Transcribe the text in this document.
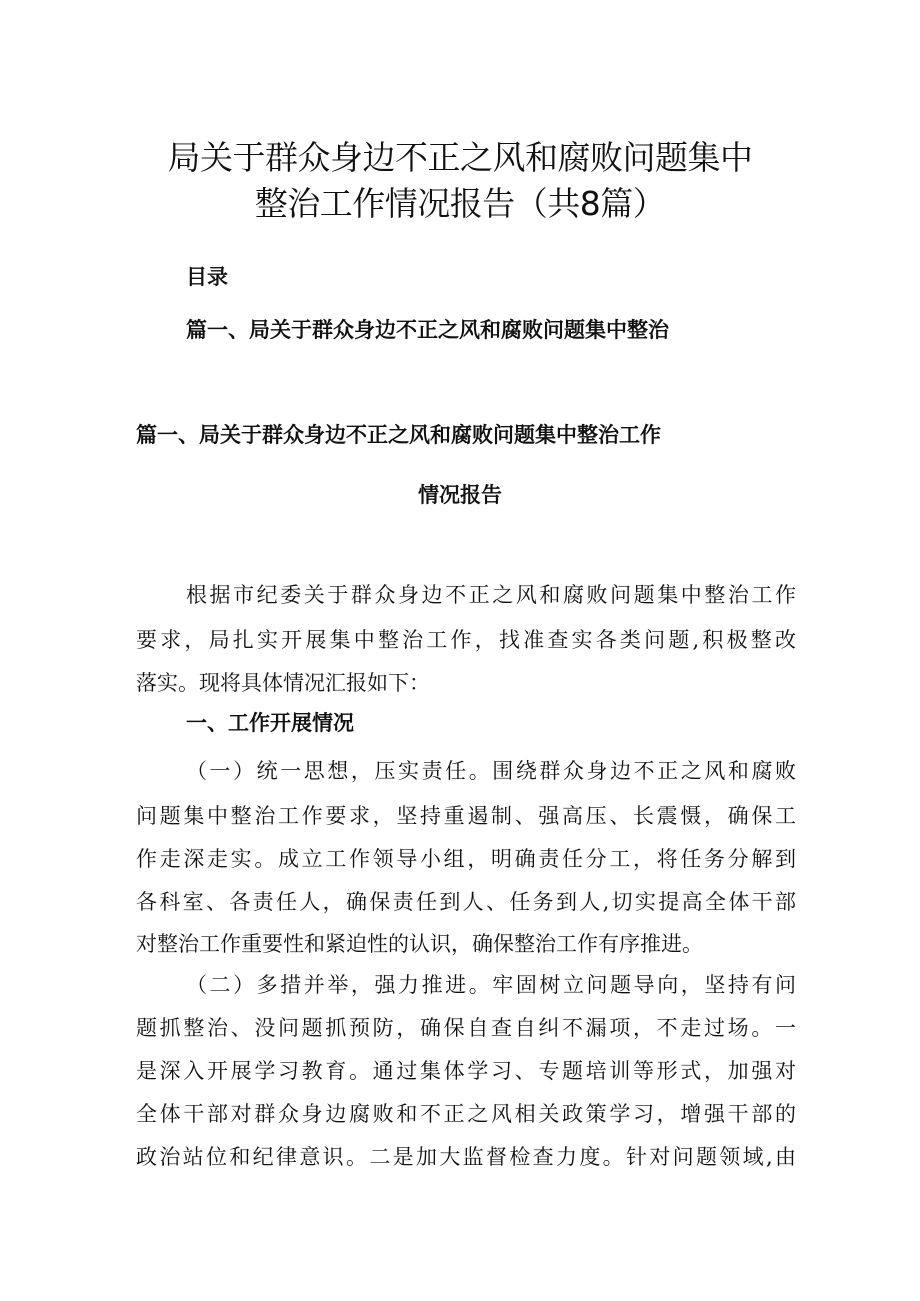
局关于群众身边不正之风和腐败问题集中
整治工作情况报告（共8篇）
目录
篇一、局关于群众身边不正之风和腐败问题集中整治
篇一、局关于群众身边不正之风和腐败问题集中整治工作
情况报告
根据市纪委关于群众身边不正之风和腐败问题集中整治工作
要求，局扎实开展集中整治工作，找准查实各类问题,积极整改
落实。现将具体情况汇报如下：
一、工作开展情况
（一）统一思想，压实责任。围绕群众身边不正之风和腐败
问题集中整治工作要求，坚持重遏制、强高压、长震慑，确保工
作走深走实。成立工作领导小组，明确责任分工，将任务分解到
各科室、各责任人，确保责任到人、任务到人,切实提高全体干部
对整治工作重要性和紧迫性的认识，确保整治工作有序推进。
（二）多措并举，强力推进。牢固树立问题导向，坚持有问
题抓整治、没问题抓预防，确保自查自纠不漏项，不走过场。一
是深入开展学习教育。通过集体学习、专题培训等形式，加强对
全体干部对群众身边腐败和不正之风相关政策学习，增强干部的
政治站位和纪律意识。二是加大监督检查力度。针对问题领域,由
